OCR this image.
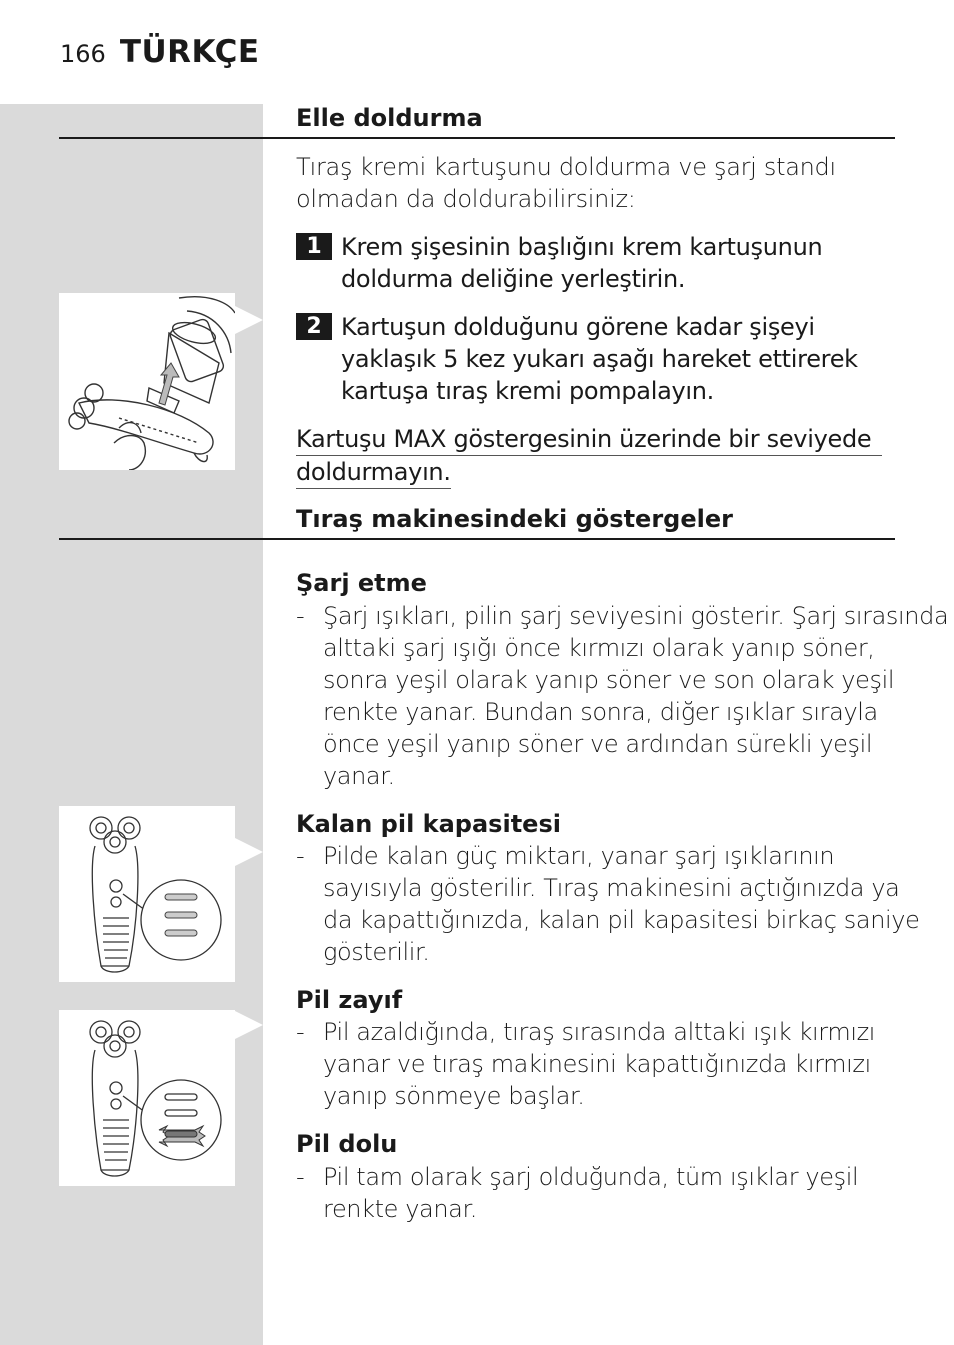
166 TÜRKÇE
Elle doldurma
Tıraş kremi kartuşunu doldurma ve şarj standı
olmadan da doldurabilirsiniz:
1 Krem şişesinin başlığını krem kartuşunun
doldurma deliğine yerleştirin.
2 Kartuşun dolduğunu görene kadar şişeyi
yaklaşık 5 kez yukarı aşağı hareket ettirerek
kartuşa tıraş kremi pompalayın.
Kartuşu MAX göstergesinin üzerinde bir seviyede
doldurmayın.
Tıraş makinesindeki göstergeler
Şarj etme
- Şarj ışıkları, pilin şarj seviyesini gösterir. Şarj sırasında
alttaki şarj ışığı önce kırmızı olarak yanıp söner,
sonra yeşil olarak yanıp söner ve son olarak yeşil
renkte yanar. Bundan sonra, diğer ışıklar sırayla
önce yeşil yanıp söner ve ardından sürekli yeşil
yanar.
Kalan pil kapasitesi
- Pilde kalan güç miktarı, yanar şarj ışıklarının
sayısıyla gösterilir. Tıraş makinesini açtığınızda ya
da kapattığınızda, kalan pil kapasitesi birkaç saniye
gösterilir.
Pil zayıf
- Pil azaldığında, tıraş sırasında alttaki ışık kırmızı
yanar ve tıraş makinesini kapattığınızda kırmızı
yanıp sönmeye başlar.
Pil dolu
- Pil tam olarak şarj olduğunda, tüm ışıklar yeşil
renkte yanar.
